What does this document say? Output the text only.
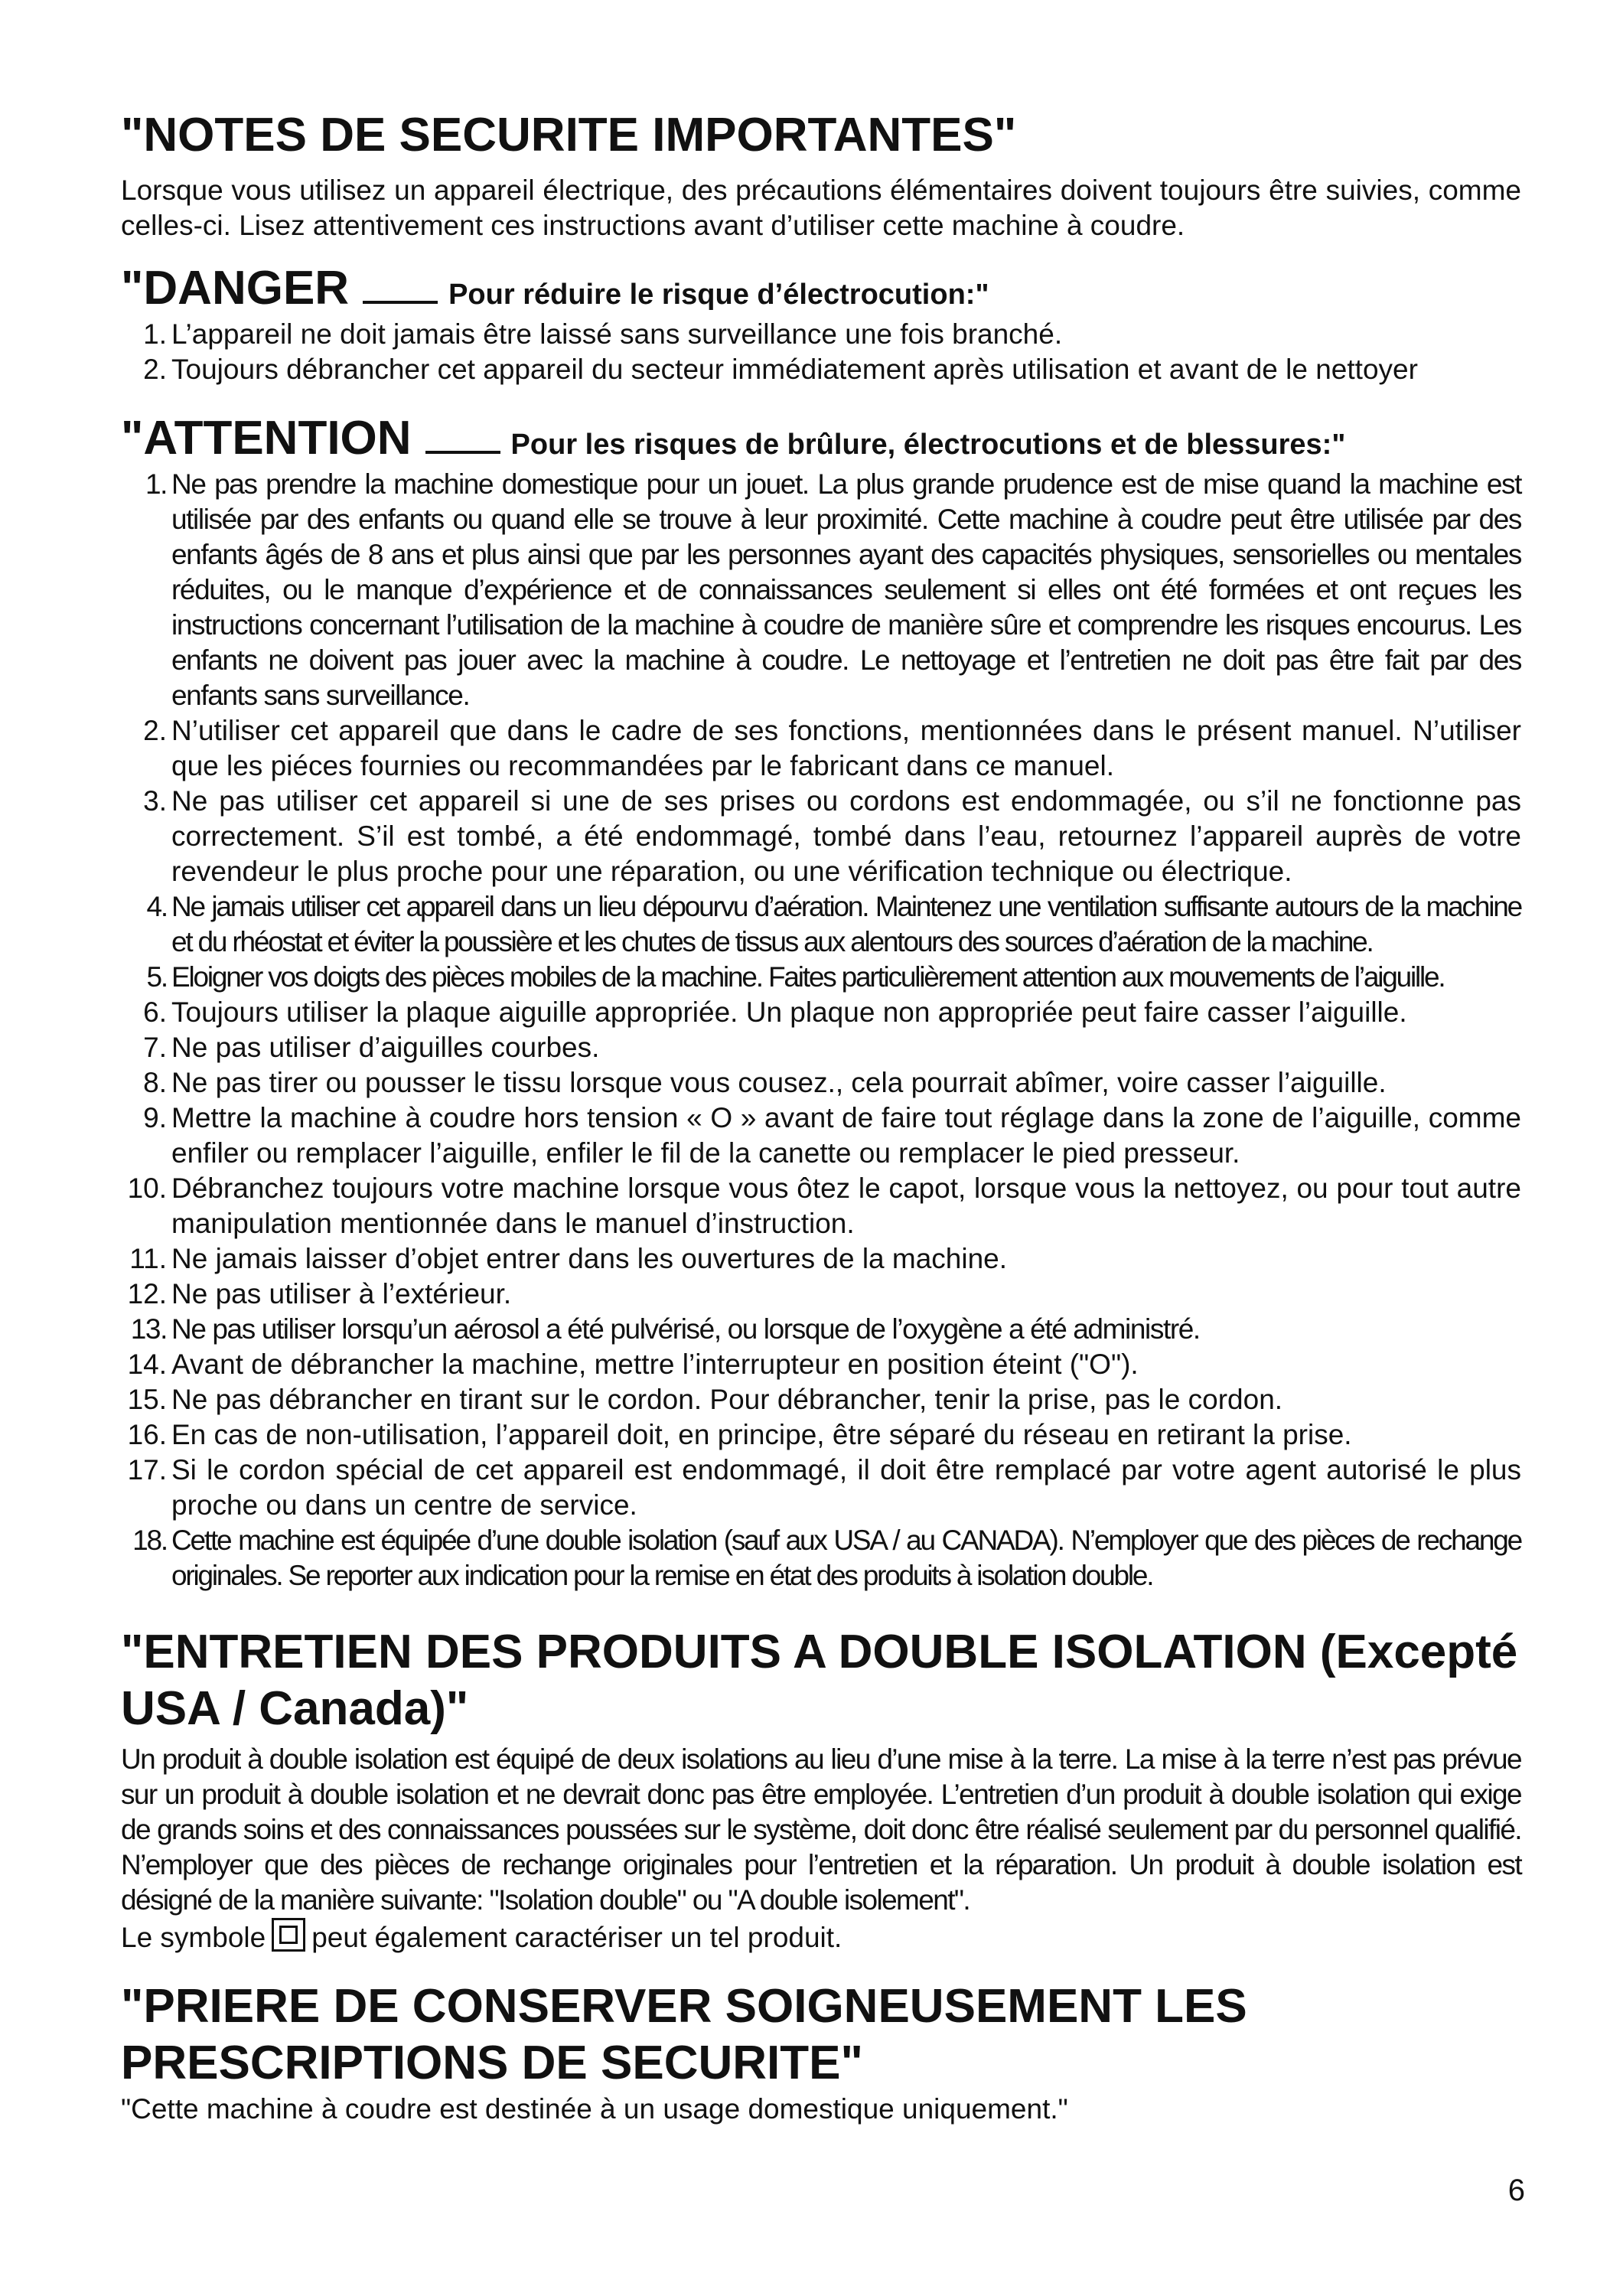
"NOTES DE SECURITE IMPORTANTES"

Lorsque vous utilisez un appareil électrique, des précautions élémentaires doivent toujours être suivies, comme celles-ci. Lisez attentivement ces instructions avant d’utiliser cette machine à coudre.

"DANGER	Pour réduire le risque d’électrocution:"
1. L’appareil ne doit jamais être laissé sans surveillance une fois branché.
2. Toujours débrancher cet appareil du secteur immédiatement après utilisation et avant de le nettoyer
"ATTENTION	Pour les risques de brûlure, électrocutions et de blessures:"
1. Ne pas prendre la machine domestique pour un jouet. La plus grande prudence est de mise quand la machine est utilisée par des enfants ou quand elle se trouve à leur proximité. Cette machine à coudre peut être utilisée par des enfants âgés de 8 ans et plus ainsi que par les personnes ayant des capacités physiques, sensorielles ou mentales réduites, ou le manque d’expérience et de connaissances seulement si elles ont été formées et ont reçues les instructions concernant l’utilisation de la machine à coudre de manière sûre et comprendre les risques encourus. Les enfants ne doivent pas jouer avec la machine à coudre. Le nettoyage et l’entretien ne doit pas être fait par des enfants sans surveillance.
2. N’utiliser cet appareil que dans le cadre de ses fonctions, mentionnées dans le présent manuel. N’utiliser que les piéces fournies ou recommandées par le fabricant dans ce manuel.
3. Ne pas utiliser cet appareil si une de ses prises ou cordons est endommagée, ou s’il ne fonctionne pas correctement. S’il est tombé, a été endommagé, tombé dans l’eau, retournez l’appareil auprès de votre revendeur le plus proche pour une réparation, ou une vérification technique ou électrique.
4. Ne jamais utiliser cet appareil dans un lieu dépourvu d’aération. Maintenez une ventilation suffisante autours de la machine et du rhéostat et éviter la poussière et les chutes de tissus aux alentours des sources d’aération de la machine.
5. Eloigner vos doigts des pièces mobiles de la machine. Faites particulièrement attention aux mouvements de l’aiguille.
6. Toujours utiliser la plaque aiguille appropriée. Un plaque non appropriée peut faire casser l’aiguille.
7. Ne pas utiliser d’aiguilles courbes.
8. Ne pas tirer ou pousser le tissu lorsque vous cousez., cela pourrait abîmer, voire casser l’aiguille.
9. Mettre la machine à coudre hors tension « O » avant de faire tout réglage dans la zone de l’aiguille, comme enfiler ou remplacer l’aiguille, enfiler le fil de la canette ou remplacer le pied presseur.
10. Débranchez toujours votre machine lorsque vous ôtez le capot, lorsque vous la nettoyez, ou pour tout autre manipulation mentionnée dans le manuel d’instruction.
11. Ne jamais laisser d’objet entrer dans les ouvertures de la machine.
12. Ne pas utiliser à l’extérieur.
13. Ne pas utiliser lorsqu’un aérosol a été pulvérisé, ou lorsque de l’oxygène a été administré.
14. Avant de débrancher la machine, mettre l’interrupteur en position éteint ("O").
15. Ne pas débrancher en tirant sur le cordon. Pour débrancher, tenir la prise, pas le cordon.
16. En cas de non-utilisation, l’appareil doit, en principe, être séparé du réseau en retirant la prise.
17. Si le cordon spécial de cet appareil est endommagé, il doit être remplacé par votre agent autorisé le plus proche ou dans un centre de service.
18. Cette machine est équipée d’une double isolation (sauf aux USA / au CANADA). N’employer que des pièces de rechange originales. Se reporter aux indication pour la remise en état des produits à isolation double.
"ENTRETIEN DES PRODUITS A DOUBLE ISOLATION (Excepté USA / Canada)"

Un produit à double isolation est équipé de deux isolations au lieu d’une mise à la terre. La mise à la terre n’est pas prévue sur un produit à double isolation et ne devrait donc pas être employée. L’entretien d’un produit à double isolation qui exige de grands soins et des connaissances poussées sur le système, doit donc être réalisé seulement par du personnel qualifié. N’employer que des pièces de rechange originales pour l’entretien et la réparation. Un produit à double isolation est désigné de la manière suivante: "Isolation double" ou "A double isolement".

Le symbole peut également caractériser un tel produit.

"PRIERE DE CONSERVER SOIGNEUSEMENT LES PRESCRIPTIONS DE SECURITE"

"Cette machine à coudre est destinée à un usage domestique uniquement."

6
